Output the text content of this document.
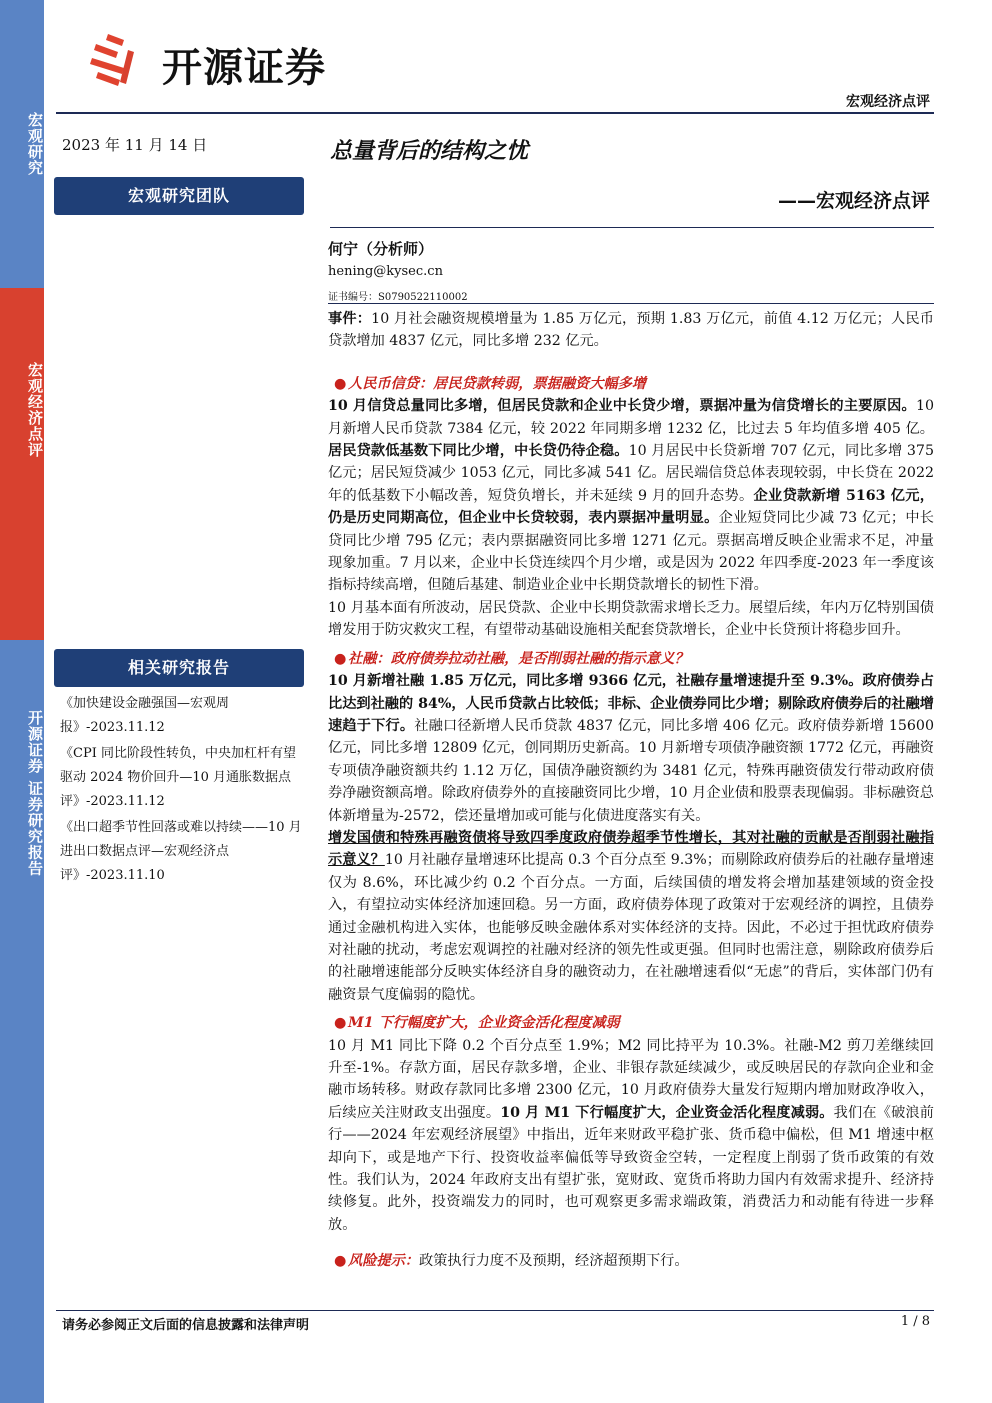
宏观研究
宏观经济点评
开源证券 证券研究报告
开源证券
宏观经济点评
2023 年 11 月 14 日
宏观研究团队
相关研究报告
《加快建设金融强国—宏观周报》-2023.11.12
《CPI 同比阶段性转负，中央加杠杆有望驱动 2024 物价回升—10 月通胀数据点评》-2023.11.12
《出口超季节性回落或难以持续——10 月进出口数据点评—宏观经济点评》-2023.11.10
总量背后的结构之忧
——宏观经济点评
何宁（分析师）
hening@kysec.cn
证书编号：S0790522110002

事件：10 月社会融资规模增量为 1.85 万亿元，预期 1.83 万亿元，前值 4.12 万亿元；人民币贷款增加 4837 亿元，同比多增 232 亿元。

● 人民币信贷：居民贷款转弱，票据融资大幅多增

10 月信贷总量同比多增，但居民贷款和企业中长贷少增，票据冲量为信贷增长的主要原因。10 月新增人民币贷款 7384 亿元，较 2022 年同期多增 1232 亿，比过去 5 年均值多增 405 亿。居民贷款低基数下同比少增，中长贷仍待企稳。10 月居民中长贷新增 707 亿元，同比多增 375 亿元；居民短贷减少 1053 亿元，同比多减 541 亿。居民端信贷总体表现较弱，中长贷在 2022 年的低基数下小幅改善，短贷负增长，并未延续 9 月的回升态势。企业贷款新增 5163 亿元，仍是历史同期高位，但企业中长贷较弱，表内票据冲量明显。企业短贷同比少减 73 亿元；中长贷同比少增 795 亿元；表内票据融资同比多增 1271 亿元。票据高增反映企业需求不足，冲量现象加重。7 月以来，企业中长贷连续四个月少增，或是因为 2022 年四季度-2023 年一季度该指标持续高增，但随后基建、制造业企业中长期贷款增长的韧性下滑。

10 月基本面有所波动，居民贷款、企业中长期贷款需求增长乏力。展望后续，年内万亿特别国债增发用于防灾救灾工程，有望带动基础设施相关配套贷款增长，企业中长贷预计将稳步回升。

● 社融：政府债券拉动社融，是否削弱社融的指示意义？

10 月新增社融 1.85 万亿元，同比多增 9366 亿元，社融存量增速提升至 9.3%。政府债券占比达到社融的 84%，人民币贷款占比较低；非标、企业债券同比少增；剔除政府债券后的社融增速趋于下行。社融口径新增人民币贷款 4837 亿元，同比多增 406 亿元。政府债券新增 15600 亿元，同比多增 12809 亿元，创同期历史新高。10 月新增专项债净融资额 1772 亿元，再融资专项债净融资额共约 1.12 万亿，国债净融资额约为 3481 亿元，特殊再融资债发行带动政府债券净融资额高增。除政府债券外的直接融资同比少增，10 月企业债和股票表现偏弱。非标融资总体新增量为-2572，偿还量增加或可能与化债进度落实有关。

增发国债和特殊再融资债将导致四季度政府债券超季节性增长，其对社融的贡献是否削弱社融指示意义？10 月社融存量增速环比提高 0.3 个百分点至 9.3%；而剔除政府债券后的社融存量增速仅为 8.6%，环比减少约 0.2 个百分点。一方面，后续国债的增发将会增加基建领域的资金投入，有望拉动实体经济加速回稳。另一方面，政府债券体现了政策对于宏观经济的调控，且债券通过金融机构进入实体，也能够反映金融体系对实体经济的支持。因此，不必过于担忧政府债券对社融的扰动，考虑宏观调控的社融对经济的领先性或更强。但同时也需注意，剔除政府债券后的社融增速能部分反映实体经济自身的融资动力，在社融增速看似“无虑”的背后，实体部门仍有融资景气度偏弱的隐忧。

● M1 下行幅度扩大，企业资金活化程度减弱

10 月 M1 同比下降 0.2 个百分点至 1.9%；M2 同比持平为 10.3%。社融-M2 剪刀差继续回升至-1%。存款方面，居民存款多增，企业、非银存款延续减少，或反映居民的存款向企业和金融市场转移。财政存款同比多增 2300 亿元，10 月政府债券大量发行短期内增加财政净收入，后续应关注财政支出强度。10 月 M1 下行幅度扩大，企业资金活化程度减弱。我们在《破浪前行——2024 年宏观经济展望》中指出，近年来财政平稳扩张、货币稳中偏松，但 M1 增速中枢却向下，或是地产下行、投资收益率偏低等导致资金空转，一定程度上削弱了货币政策的有效性。我们认为，2024 年政府支出有望扩张，宽财政、宽货币将助力国内有效需求提升、经济持续修复。此外，投资端发力的同时，也可观察更多需求端政策，消费活力和动能有待进一步释放。

● 风险提示：政策执行力度不及预期，经济超预期下行。

请务必参阅正文后面的信息披露和法律声明	1 / 8
